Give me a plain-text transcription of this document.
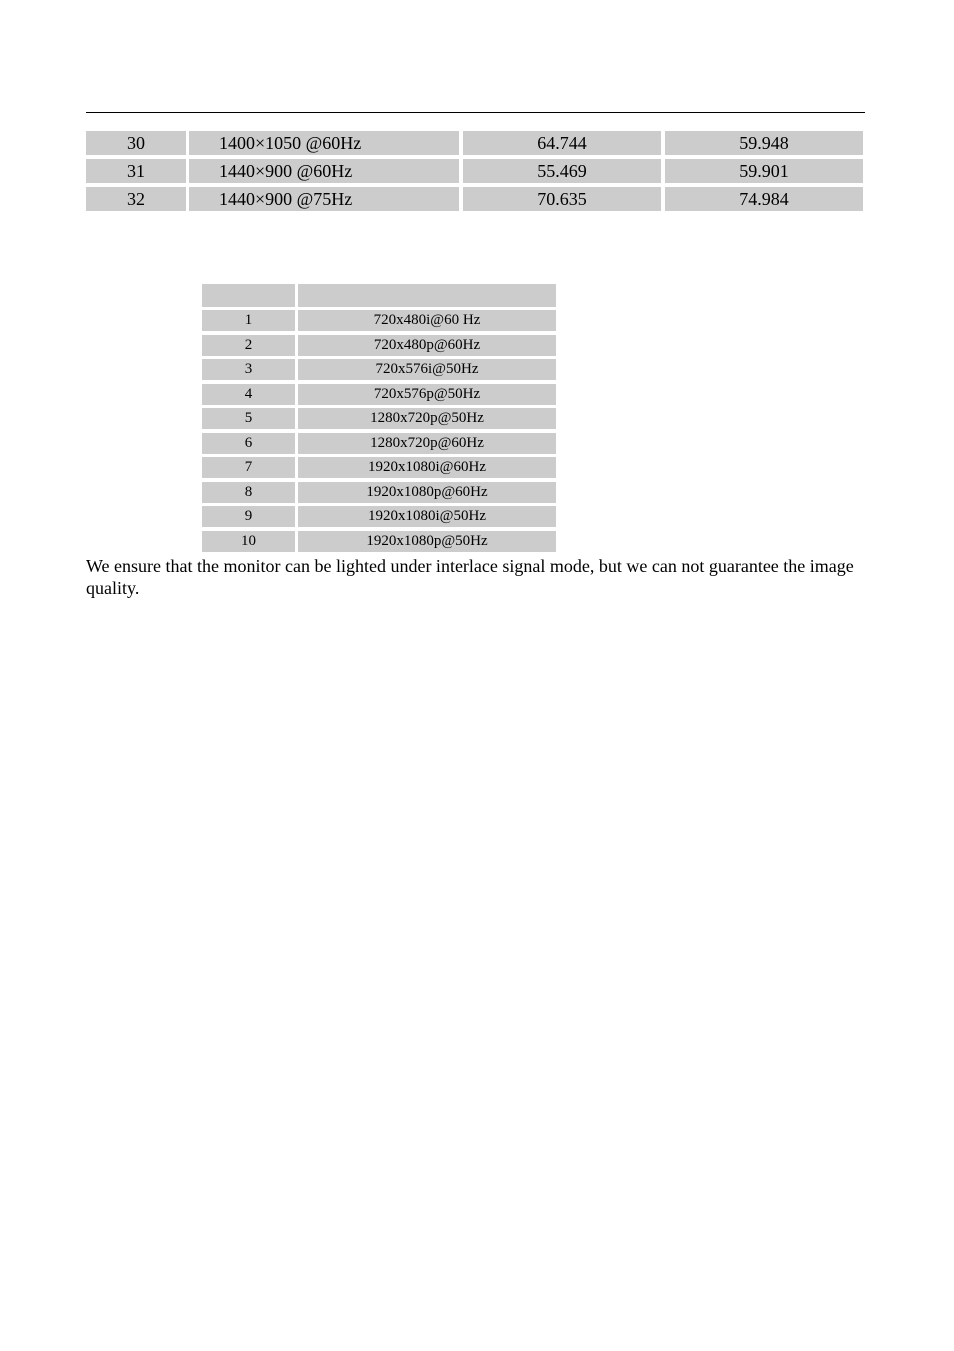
30	1400×1050 @60Hz	64.744	59.948
31	1440×900 @60Hz	55.469	59.901
32	1440×900 @75Hz	70.635	74.984
1	720x480i@60 Hz
2	720x480p@60Hz
3	720x576i@50Hz
4	720x576p@50Hz
5	1280x720p@50Hz
6	1280x720p@60Hz
7	1920x1080i@60Hz
8	1920x1080p@60Hz
9	1920x1080i@50Hz
10	1920x1080p@50Hz
We ensure that the monitor can be lighted under interlace signal mode, but we can not guarantee the image quality.
